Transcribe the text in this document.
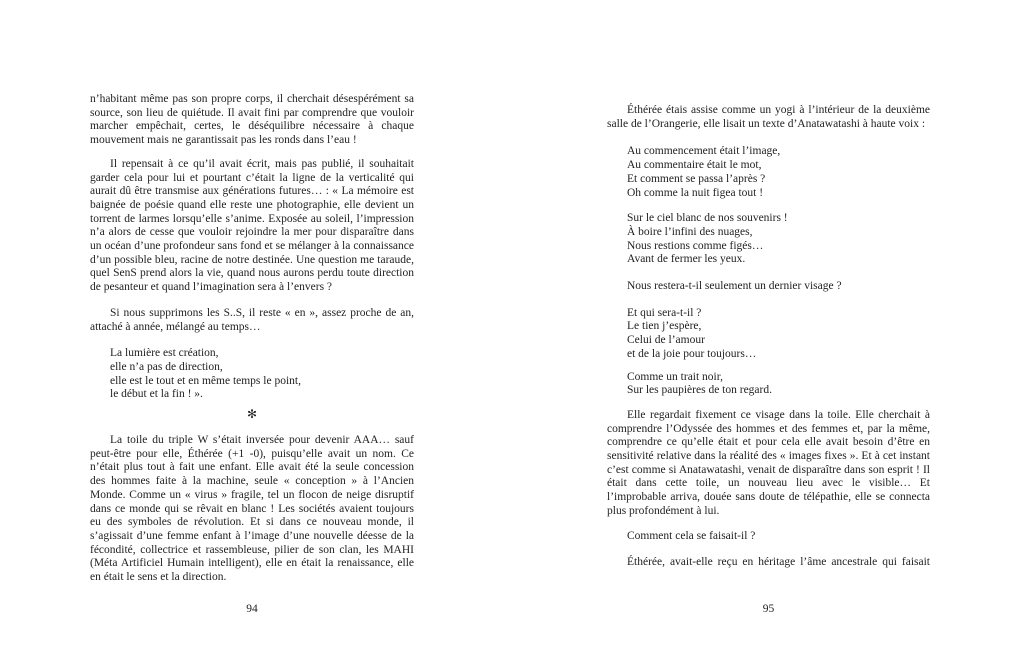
n’habitant même pas son propre corps, il cherchait désespérément sa source, son lieu de quiétude. Il avait fini par comprendre que vouloir marcher empêchait, certes, le déséquilibre nécessaire à chaque mouvement mais ne garantissait pas les ronds dans l’eau !

Il repensait à ce qu’il avait écrit, mais pas publié, il souhaitait garder cela pour lui et pourtant c’était la ligne de la verticalité qui aurait dû être transmise aux générations futures… : « La mémoire est baignée de poésie quand elle reste une photographie, elle devient un torrent de larmes lorsqu’elle s’anime. Exposée au soleil, l’impression n’a alors de cesse que vouloir rejoindre la mer pour disparaître dans un océan d’une profondeur sans fond et se mélanger à la connaissance d’un possible bleu, racine de notre destinée. Une question me taraude, quel SenS prend alors la vie, quand nous aurons perdu toute direction de pesanteur et quand l’imagination sera à l’envers ?

Si nous supprimons les S..S, il reste « en », assez proche de an, attaché à année, mélangé au temps…

La lumière est création,
elle n’a pas de direction,
elle est le tout et en même temps le point,
le début et la fin ! ».
✻

La toile du triple W s’était inversée pour devenir AAA… sauf peut-être pour elle, Éthérée (+1 -0), puisqu’elle avait un nom. Ce n’était plus tout à fait une enfant. Elle avait été la seule concession des hommes faite à la machine, seule « conception » à l’Ancien Monde. Comme un « virus » fragile, tel un flocon de neige disruptif dans ce monde qui se rêvait en blanc ! Les sociétés avaient toujours eu des symboles de révolution. Et si dans ce nouveau monde, il s’agissait d’une femme enfant à l’image d’une nouvelle déesse de la fécondité, collectrice et rassembleuse, pilier de son clan, les MAHI (Méta Artificiel Humain intelligent), elle en était la renaissance, elle en était le sens et la direction.

Éthérée étais assise comme un yogi à l’intérieur de la deuxième salle de l’Orangerie, elle lisait un texte d’Anatawatashi à haute voix :

Au commencement était l’image,
Au commentaire était le mot,
Et comment se passa l’après ?
Oh comme la nuit figea tout !
Sur le ciel blanc de nos souvenirs !
À boire l’infini des nuages,
Nous restions comme figés…
Avant de fermer les yeux.
Nous restera-t-il seulement un dernier visage ?
Et qui sera-t-il ?
Le tien j’espère,
Celui de l’amour
et de la joie pour toujours…
Comme un trait noir,
Sur les paupières de ton regard.

Elle regardait fixement ce visage dans la toile. Elle cherchait à comprendre l’Odyssée des hommes et des femmes et, par la même, comprendre ce qu’elle était et pour cela elle avait besoin d’être en sensitivité relative dans la réalité des « images fixes ». Et à cet instant c’est comme si Anatawatashi, venait de disparaître dans son esprit ! Il était dans cette toile, un nouveau lieu avec le visible… Et l’improbable arriva, douée sans doute de télépathie, elle se connecta plus profondément à lui.

Comment cela se faisait-il ?

Éthérée, avait-elle reçu en héritage l’âme ancestrale qui faisait

94	95
